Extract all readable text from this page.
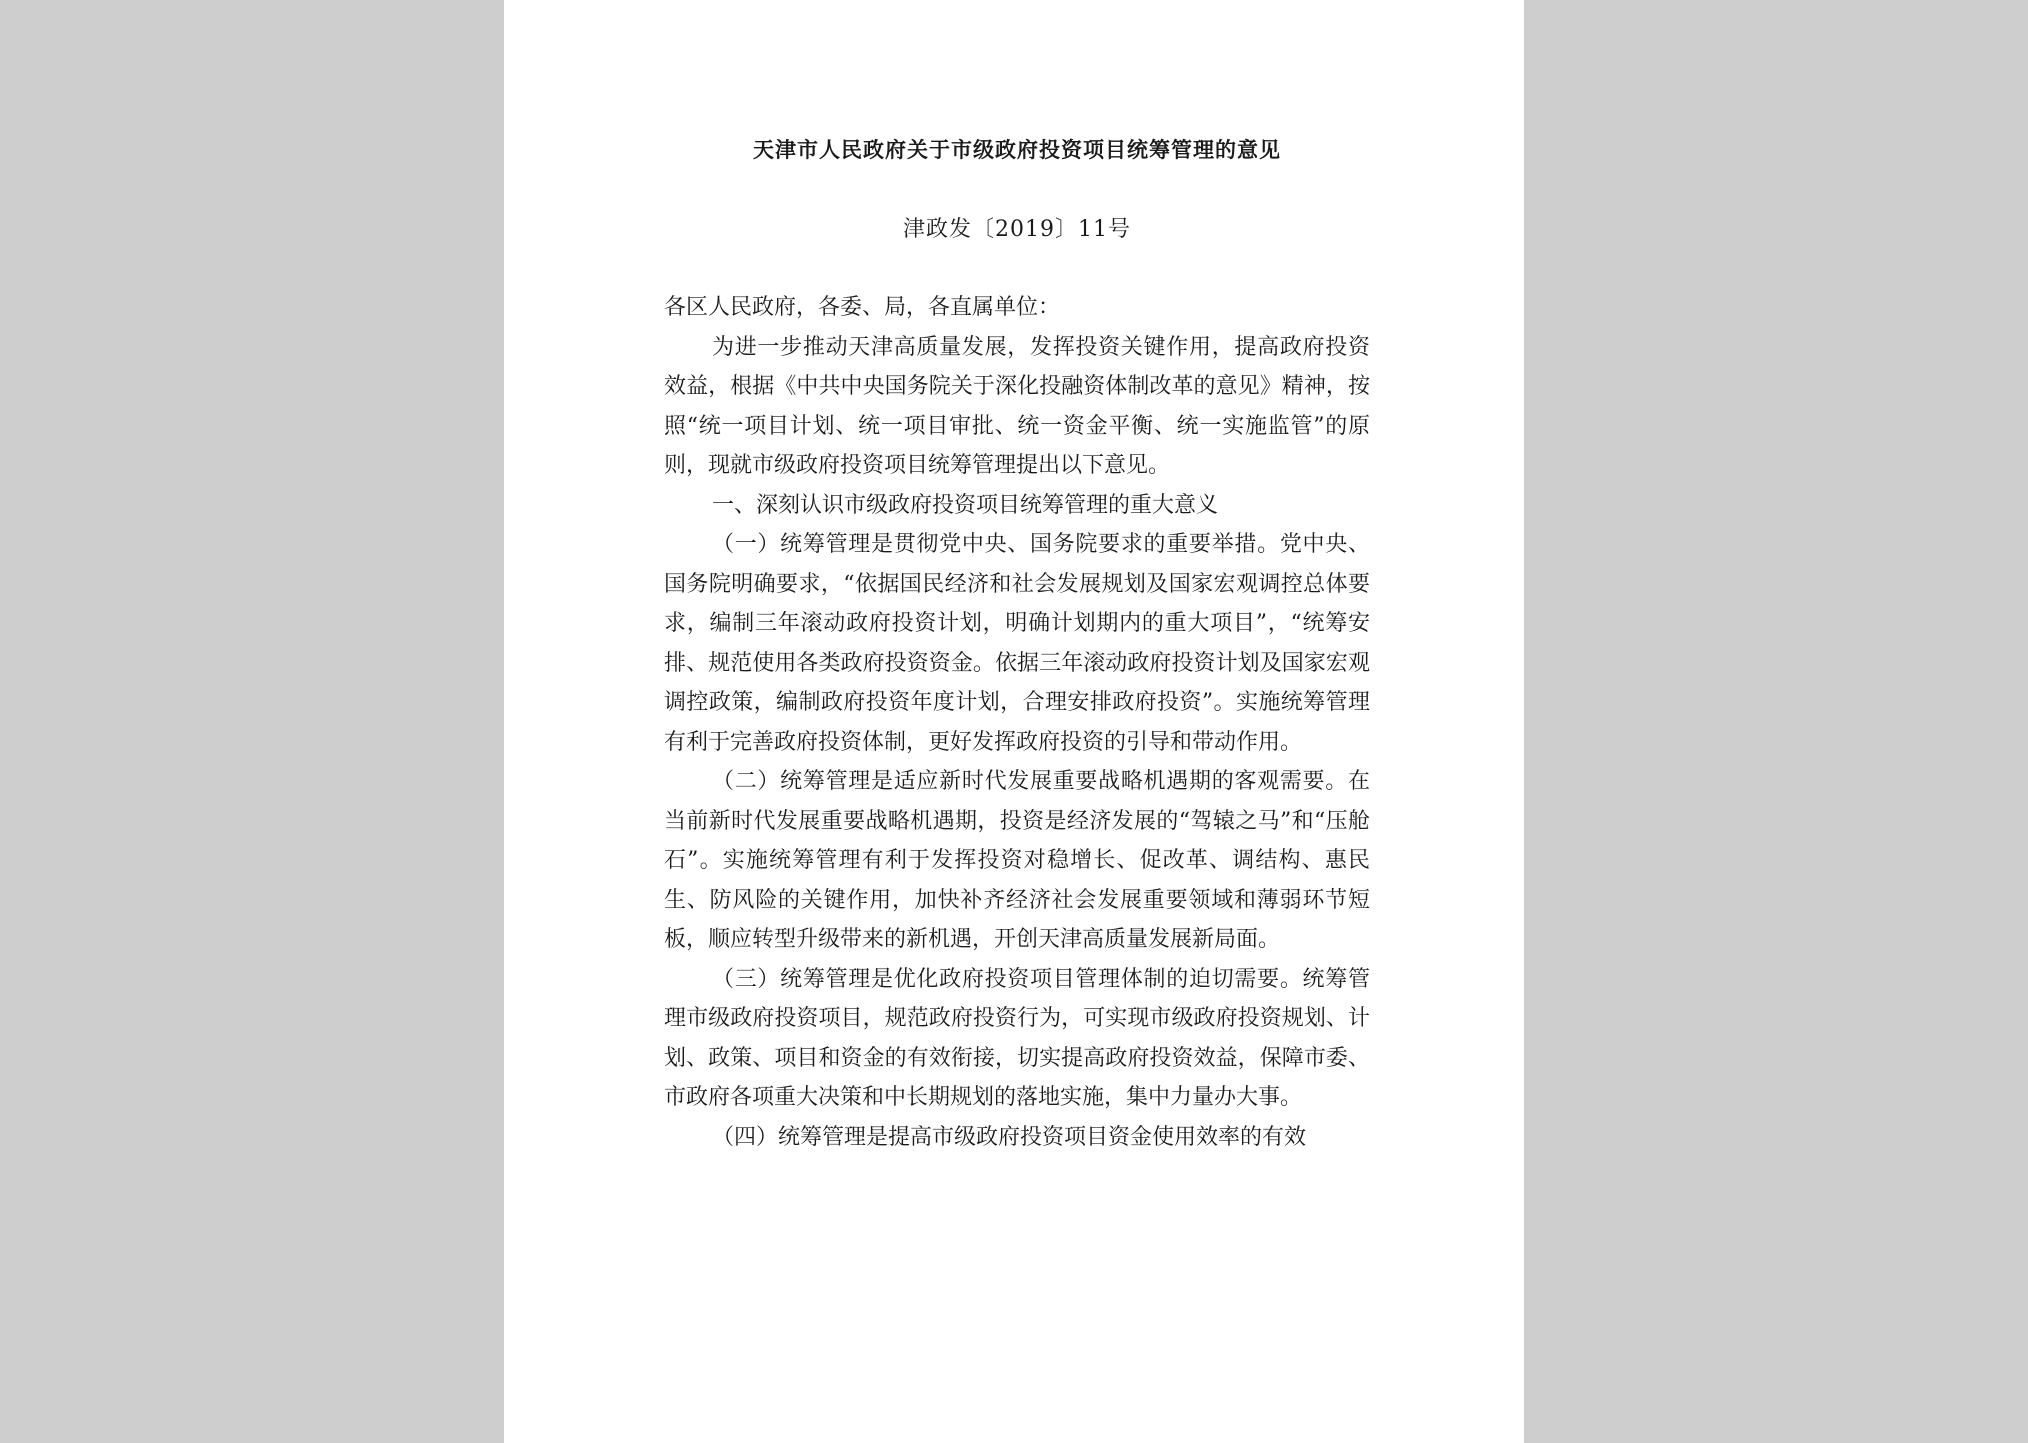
天津市人民政府关于市级政府投资项目统筹管理的意见
津政发〔2019〕11号

各区人民政府，各委、局，各直属单位：

为进一步推动天津高质量发展，发挥投资关键作用，提高政府投资效益，根据《中共中央国务院关于深化投融资体制改革的意见》精神，按照“统一项目计划、统一项目审批、统一资金平衡、统一实施监管”的原则，现就市级政府投资项目统筹管理提出以下意见。

一、深刻认识市级政府投资项目统筹管理的重大意义

（一）统筹管理是贯彻党中央、国务院要求的重要举措。党中央、国务院明确要求，“依据国民经济和社会发展规划及国家宏观调控总体要求，编制三年滚动政府投资计划，明确计划期内的重大项目”，“统筹安排、规范使用各类政府投资资金。依据三年滚动政府投资计划及国家宏观调控政策，编制政府投资年度计划，合理安排政府投资”。实施统筹管理有利于完善政府投资体制，更好发挥政府投资的引导和带动作用。

（二）统筹管理是适应新时代发展重要战略机遇期的客观需要。在当前新时代发展重要战略机遇期，投资是经济发展的“驾辕之马”和“压舱石”。实施统筹管理有利于发挥投资对稳增长、促改革、调结构、惠民生、防风险的关键作用，加快补齐经济社会发展重要领域和薄弱环节短板，顺应转型升级带来的新机遇，开创天津高质量发展新局面。

（三）统筹管理是优化政府投资项目管理体制的迫切需要。统筹管理市级政府投资项目，规范政府投资行为，可实现市级政府投资规划、计划、政策、项目和资金的有效衔接，切实提高政府投资效益，保障市委、市政府各项重大决策和中长期规划的落地实施，集中力量办大事。

（四）统筹管理是提高市级政府投资项目资金使用效率的有效
